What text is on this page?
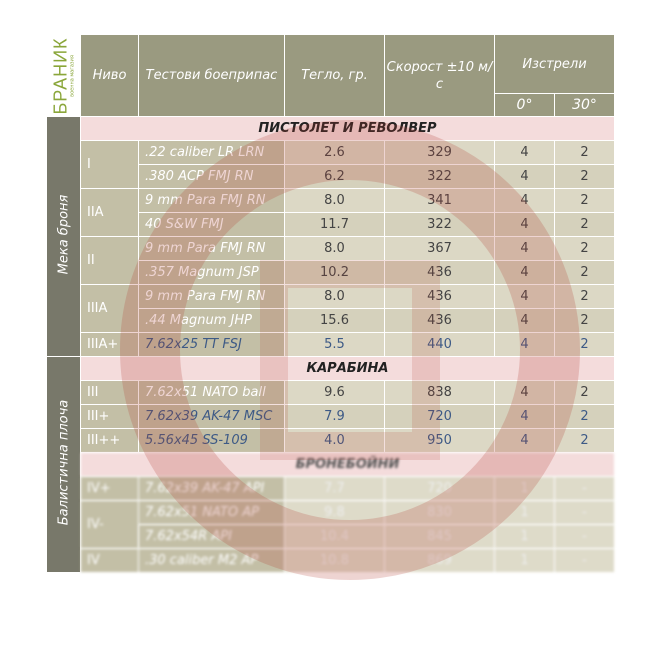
БРАНИК военна магазия	Ниво	Тестови боеприпас	Тегло, гр.	Скорост ±10 м/с	Изстрели	
					0°	30°

Мека броня	ПИСТОЛЕТ И РЕВОЛВЕР					
	I	.22 caliber LR LRN	2.6	329	4	2
		.380 ACP FMJ RN	6.2	322	4	2
	IIA	9 mm Para FMJ RN	8.0	341	4	2
		40 S&W FMJ	11.7	322	4	2
	II	9 mm Para FMJ RN	8.0	367	4	2
		.357 Magnum JSP	10.2	436	4	2
	IIIA	9 mm Para FMJ RN	8.0	436	4	2
		.44 Magnum JHP	15.6	436	4	2
	IIIA+	7.62x25 TT FSJ	5.5	440	4	2

Балистична плоча	КАРАБИНА					
	III	7.62x51 NATO ball	9.6	838	4	2
	III+	7.62x39 AK-47 MSC	7.9	720	4	2
	III++	5.56x45 SS-109	4.0	950	4	2
	БРОНЕБОЙНИ					
	IV+	7.62x39 AK-47 API	7.7	720	1	-
	IV-	7.62x51 NATO AP	9.8	830	1	-
		7.62x54R API	10.4	845	1	-
	IV	.30 caliber M2 AP	10.8	869	1	-
